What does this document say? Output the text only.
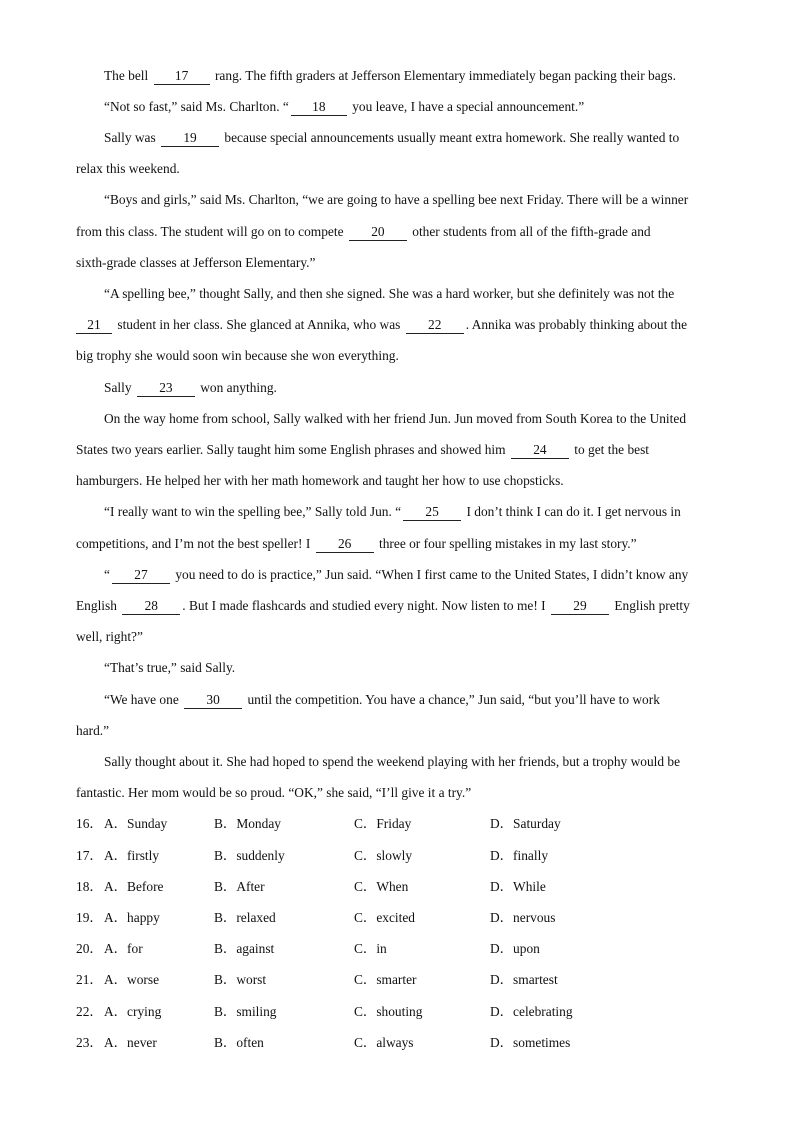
The bell 17 rang. The fifth graders at Jefferson Elementary immediately began packing their bags.
“Not so fast,” said Ms. Charlton. “ 18 you leave, I have a special announcement.”
Sally was 19 because special announcements usually meant extra homework. She really wanted to
relax this weekend.
“Boys and girls,” said Ms. Charlton, “we are going to have a spelling bee next Friday. There will be a winner
from this class. The student will go on to compete 20 other students from all of the fifth-grade and
sixth-grade classes at Jefferson Elementary.”
“A spelling bee,” thought Sally, and then she signed. She was a hard worker, but she definitely was not the
21 student in her class. She glanced at Annika, who was 22 . Annika was probably thinking about the
big trophy she would soon win because she won everything.
Sally 23 won anything.
On the way home from school, Sally walked with her friend Jun. Jun moved from South Korea to the United
States two years earlier. Sally taught him some English phrases and showed him 24 to get the best
hamburgers. He helped her with her math homework and taught her how to use chopsticks.
“I really want to win the spelling bee,” Sally told Jun. “ 25 I don’t think I can do it. I get nervous in
competitions, and I’m not the best speller! I 26 three or four spelling mistakes in my last story.”
“ 27 you need to do is practice,” Jun said. “When I first came to the United States, I didn’t know any
English 28 . But I made flashcards and studied every night. Now listen to me! I 29 English pretty
well, right?”
“That’s true,” said Sally.
“We have one 30 until the competition. You have a chance,” Jun said, “but you’ll have to work
hard.”
Sally thought about it. She had hoped to spend the weekend playing with her friends, but a trophy would be
fantastic. Her mom would be so proud. “OK,” she said, “I’ll give it a try.”
16． A．Sunday	B．Monday	C．Friday	D．Saturday
17． A．firstly	B．suddenly	C．slowly	D．finally
18． A．Before	B．After	C．When	D．While
19． A．happy	B．relaxed	C．excited	D．nervous
20． A．for	B．against	C．in	D．upon
21． A．worse	B．worst	C．smarter	D．smartest
22． A．crying	B．smiling	C．shouting	D．celebrating
23． A．never	B．often	C．always	D．sometimes
